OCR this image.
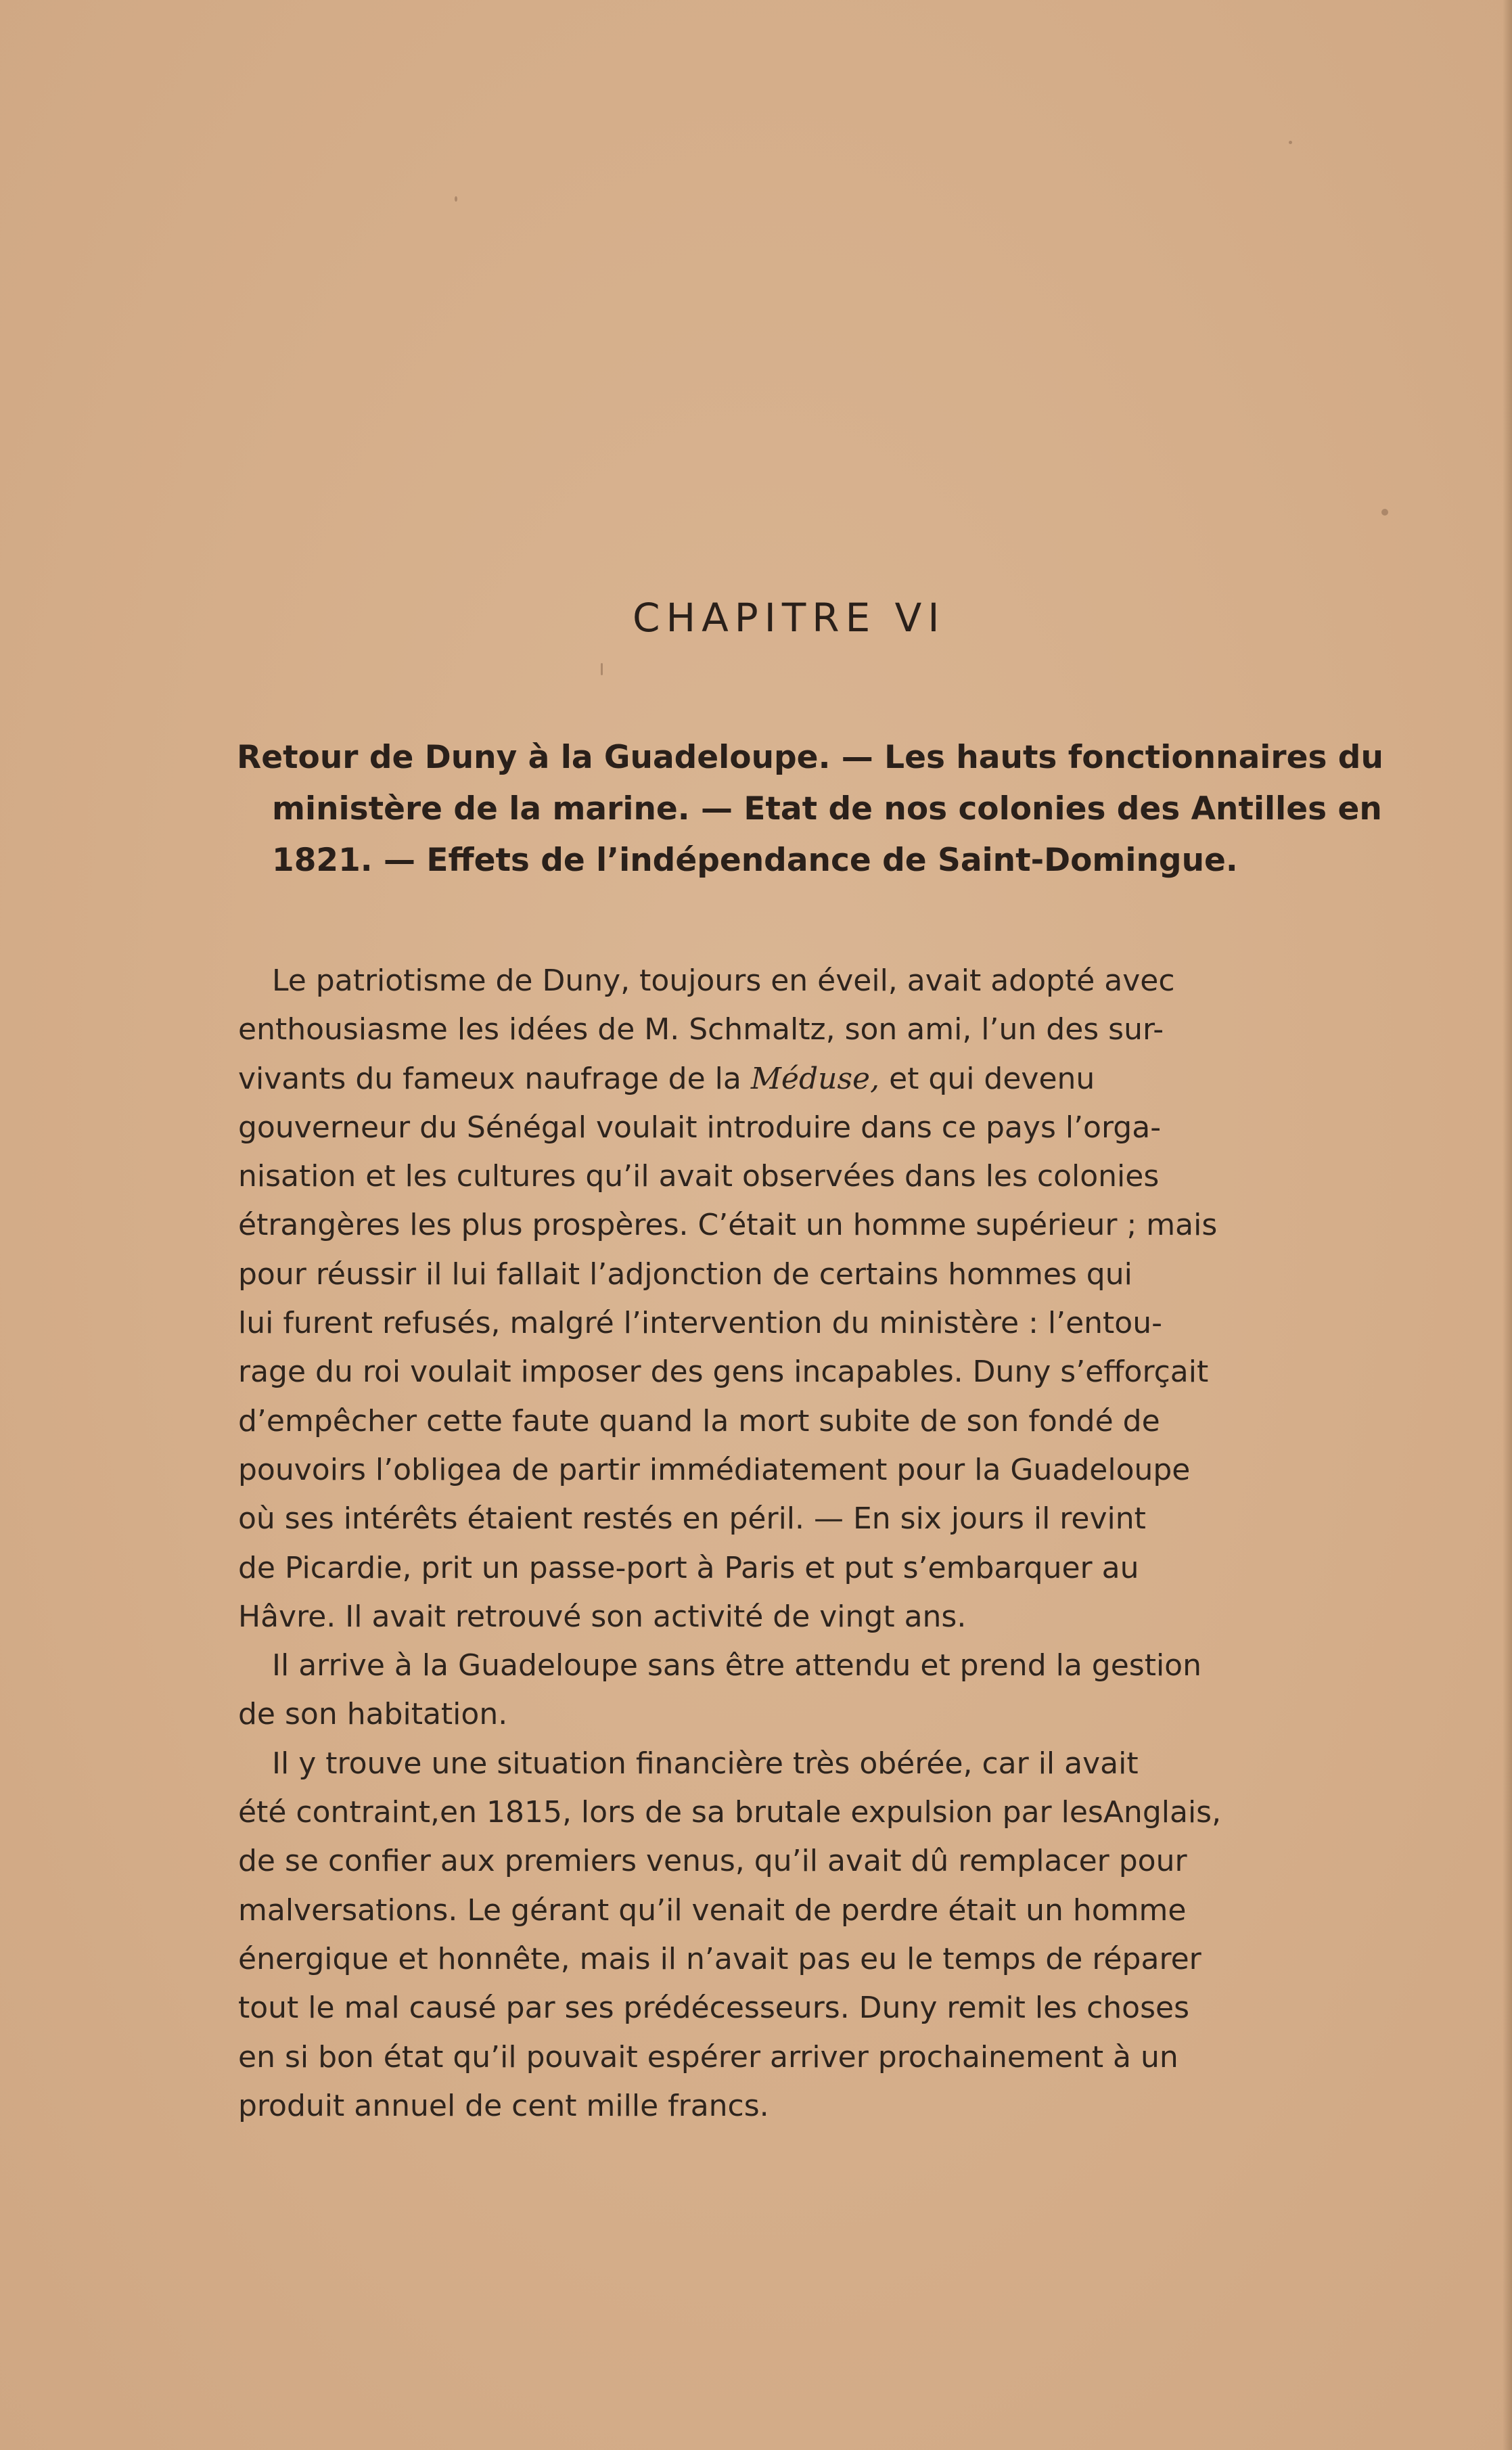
CHAPITRE VI
Retour de Duny à la Guadeloupe. — Les hauts fonctionnaires du
ministère de la marine. — Etat de nos colonies des Antilles en
1821. — Effets de l’indépendance de Saint-Domingue.
Le patriotisme de Duny, toujours en éveil, avait adopté avec
enthousiasme les idées de M. Schmaltz, son ami, l’un des sur-
vivants du fameux naufrage de la Méduse, et qui devenu
gouverneur du Sénégal voulait introduire dans ce pays l’orga-
nisation et les cultures qu’il avait observées dans les colonies
étrangères les plus prospères. C’était un homme supérieur ; mais
pour réussir il lui fallait l’adjonction de certains hommes qui
lui furent refusés, malgré l’intervention du ministère : l’entou-
rage du roi voulait imposer des gens incapables. Duny s’efforçait
d’empêcher cette faute quand la mort subite de son fondé de
pouvoirs l’obligea de partir immédiatement pour la Guadeloupe
où ses intérêts étaient restés en péril. — En six jours il revint
de Picardie, prit un passe-port à Paris et put s’embarquer au
Hâvre. Il avait retrouvé son activité de vingt ans.
Il arrive à la Guadeloupe sans être attendu et prend la gestion
de son habitation.
Il y trouve une situation financière très obérée, car il avait
été contraint,en 1815, lors de sa brutale expulsion par lesAnglais,
de se confier aux premiers venus, qu’il avait dû remplacer pour
malversations. Le gérant qu’il venait de perdre était un homme
énergique et honnête, mais il n’avait pas eu le temps de réparer
tout le mal causé par ses prédécesseurs. Duny remit les choses
en si bon état qu’il pouvait espérer arriver prochainement à un
produit annuel de cent mille francs.
